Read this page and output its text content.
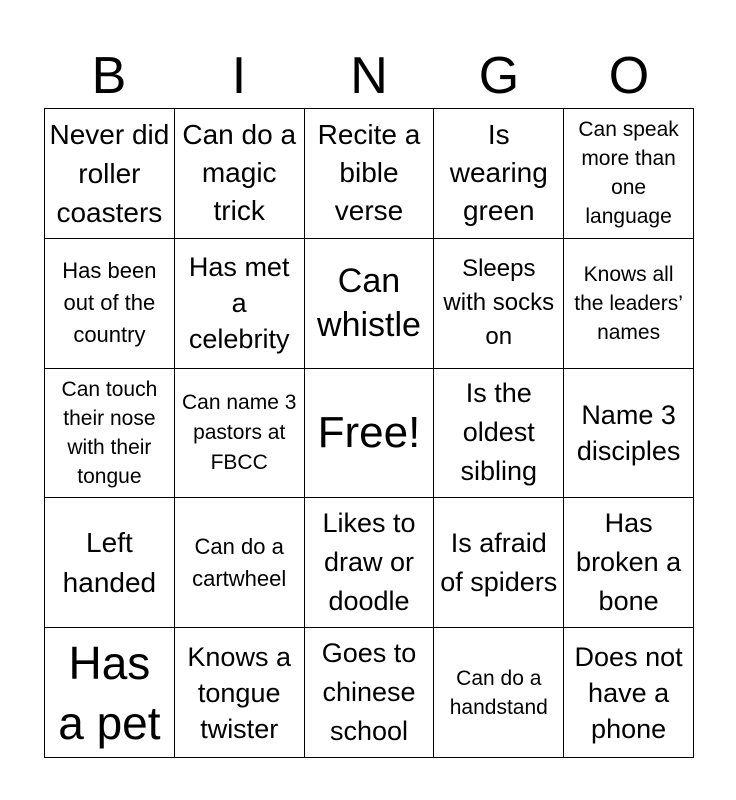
B	I	N	G	O
Never did roller coasters
Can do a magic trick
Recite a bible verse
Is wearing green
Can speak more than one language
Has been out of the country
Has met a celebrity
Can whistle
Sleeps with socks on
Knows all the leaders’ names
Can touch their nose with their tongue
Can name 3 pastors at FBCC
Free!
Is the oldest sibling
Name 3 disciples
Left handed
Can do a cartwheel
Likes to draw or doodle
Is afraid of spiders
Has broken a bone
Has a pet
Knows a tongue twister
Goes to chinese school
Can do a handstand
Does not have a phone
